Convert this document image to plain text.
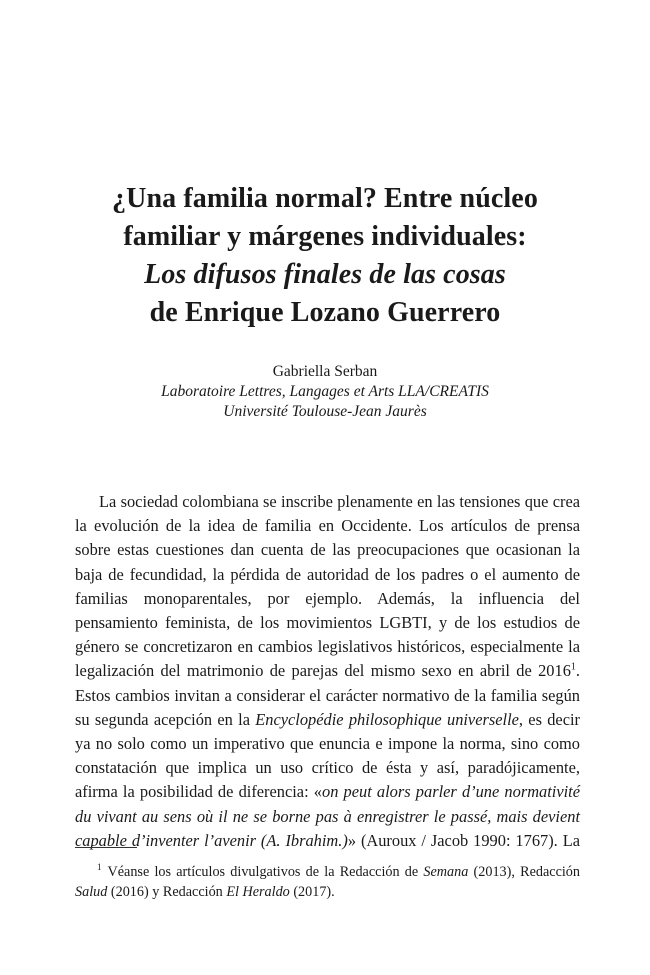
¿Una familia normal? Entre núcleo
familiar y márgenes individuales:
Los difusos finales de las cosas
de Enrique Lozano Guerrero
Gabriella Serban
Laboratoire Lettres, Langages et Arts LLA/CREATIS
Université Toulouse-Jean Jaurès

La sociedad colombiana se inscribe plenamente en las tensiones que crea la evolución de la idea de familia en Occidente. Los artículos de prensa sobre estas cuestiones dan cuenta de las preocupaciones que ocasionan la baja de fecundidad, la pérdida de autoridad de los padres o el aumento de familias monoparentales, por ejemplo. Además, la influencia del pensamiento feminista, de los movimientos LGBTI, y de los estudios de género se concretizaron en cambios legislativos históricos, especialmente la legalización del matrimonio de parejas del mismo sexo en abril de 2016$^1$. Estos cambios invitan a considerar el carácter normativo de la familia según su segunda acepción en la Encyclopédie philosophique universelle, es decir ya no solo como un imperativo que enuncia e impone la norma, sino como constatación que implica un uso crítico de ésta y así, paradójicamente, afirma la posibilidad de diferencia: «on peut alors parler d’une normativité du vivant au sens où il ne se borne pas à enregistrer le passé, mais devient capable d’inventer l’avenir (A. Ibrahim.)» (Auroux / Jacob 1990: 1767). La

$^1$ Véanse los artículos divulgativos de la Redacción de Semana (2013), Redacción Salud (2016) y Redacción El Heraldo (2017).
